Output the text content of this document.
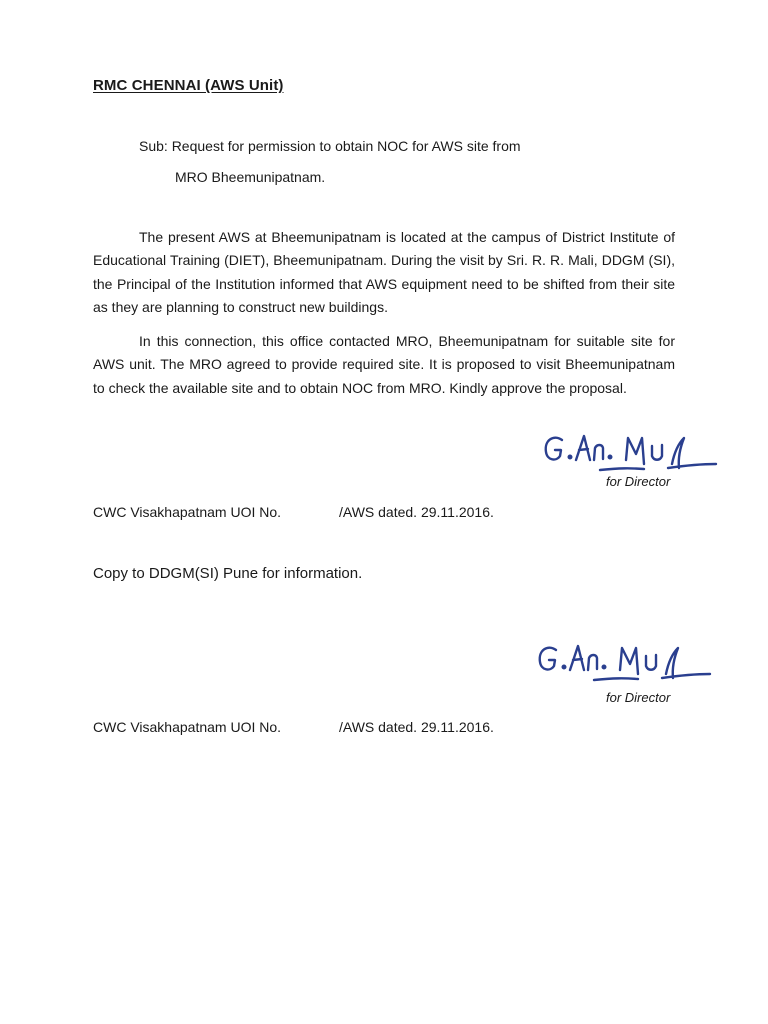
RMC CHENNAI (AWS Unit)
Sub: Request for permission to obtain NOC for AWS site from
MRO Bheemunipatnam.

The present AWS at Bheemunipatnam is located at the campus of District Institute of Educational Training (DIET), Bheemunipatnam. During the visit by Sri. R. R. Mali, DDGM (SI), the Principal of the Institution informed that AWS equipment need to be shifted from their site as they are planning to construct new buildings.

In this connection, this office contacted MRO, Bheemunipatnam for suitable site for AWS unit. The MRO agreed to provide required site. It is proposed to visit Bheemunipatnam to check the available site and to obtain NOC from MRO. Kindly approve the proposal.

for Director
CWC Visakhapatnam UOI No.	/AWS dated. 29.11.2016.
Copy to DDGM(SI) Pune for information.
for Director
CWC Visakhapatnam UOI No.	/AWS dated. 29.11.2016.
